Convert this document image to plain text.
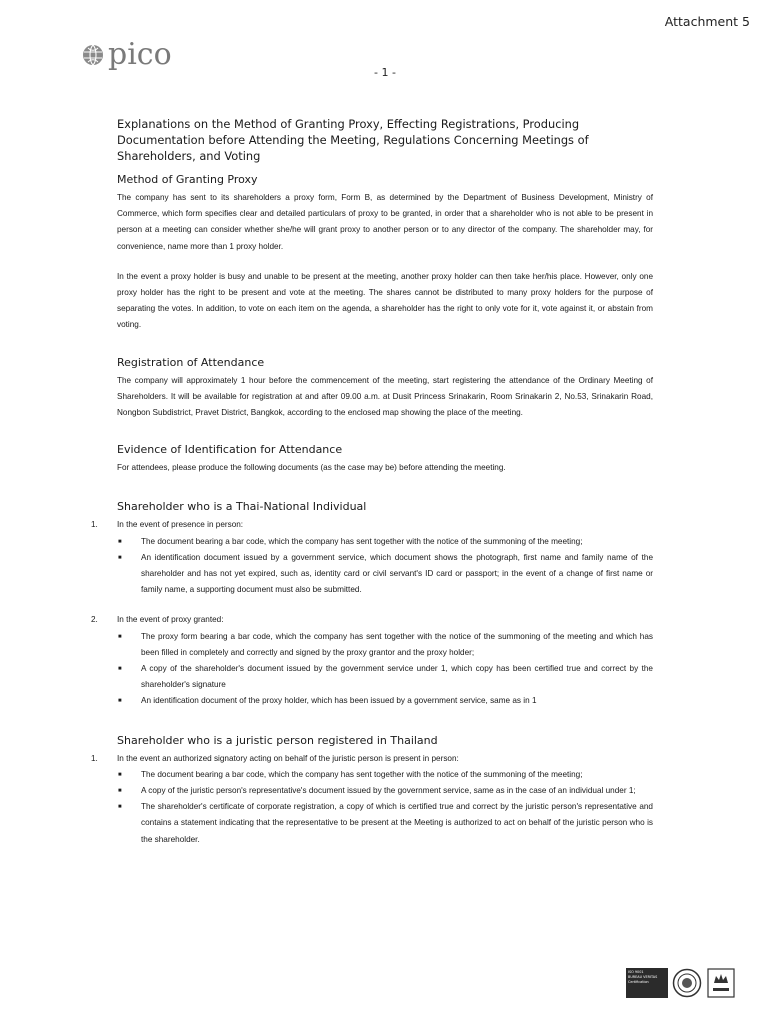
Attachment 5
pico
- 1 -
Explanations on the Method of Granting Proxy, Effecting Registrations, Producing Documentation before Attending the Meeting, Regulations Concerning Meetings of Shareholders, and Voting
Method of Granting Proxy

The company has sent to its shareholders a proxy form, Form B, as determined by the Department of Business Development, Ministry of Commerce, which form specifies clear and detailed particulars of proxy to be granted, in order that a shareholder who is not able to be present in person at a meeting can consider whether she/he will grant proxy to another person or to any director of the company. The shareholder may, for convenience, name more than 1 proxy holder.

In the event a proxy holder is busy and unable to be present at the meeting, another proxy holder can then take her/his place. However, only one proxy holder has the right to be present and vote at the meeting. The shares cannot be distributed to many proxy holders for the purpose of separating the votes. In addition, to vote on each item on the agenda, a shareholder has the right to only vote for it, vote against it, or abstain from voting.

Registration of Attendance

The company will approximately 1 hour before the commencement of the meeting, start registering the attendance of the Ordinary Meeting of Shareholders. It will be available for registration at and after 09.00 a.m. at Dusit Princess Srinakarin, Room Srinakarin 2, No.53, Srinakarin Road, Nongbon Subdistrict, Pravet District, Bangkok, according to the enclosed map showing the place of the meeting.

Evidence of Identification for Attendance

For attendees, please produce the following documents (as the case may be) before attending the meeting.

Shareholder who is a Thai-National Individual
1. In the event of presence in person:
■ The document bearing a bar code, which the company has sent together with the notice of the summoning of the meeting;
■ An identification document issued by a government service, which document shows the photograph, first name and family name of the shareholder and has not yet expired, such as, identity card or civil servant's ID card or passport; in the event of a change of first name or family name, a supporting document must also be submitted.
2. In the event of proxy granted:
■ The proxy form bearing a bar code, which the company has sent together with the notice of the summoning of the meeting and which has been filled in completely and correctly and signed by the proxy grantor and the proxy holder;
■ A copy of the shareholder's document issued by the government service under 1, which copy has been certified true and correct by the shareholder's signature
■ An identification document of the proxy holder, which has been issued by a government service, same as in 1
Shareholder who is a juristic person registered in Thailand
1. In the event an authorized signatory acting on behalf of the juristic person is present in person:
■ The document bearing a bar code, which the company has sent together with the notice of the summoning of the meeting;
■ A copy of the juristic person's representative's document issued by the government service, same as in the case of an individual under 1;
■ The shareholder's certificate of corporate registration, a copy of which is certified true and correct by the juristic person's representative and contains a statement indicating that the representative to be present at the Meeting is authorized to act on behalf of the juristic person who is the shareholder.
ISO 9001
BUREAU VERITAS
Certification
